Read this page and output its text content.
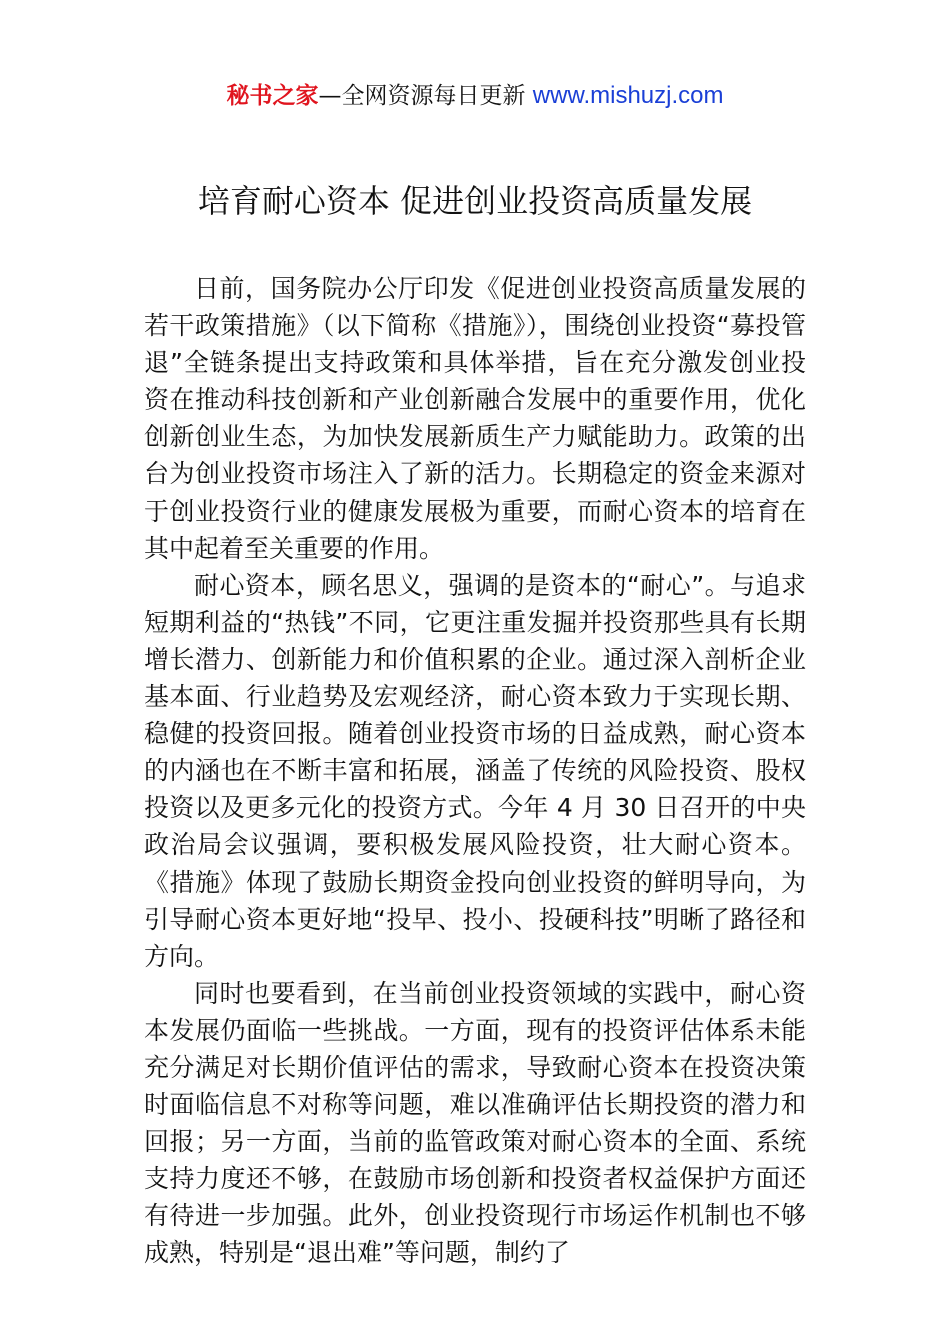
秘书之家—全网资源每日更新 www.mishuzj.com
培育耐心资本 促进创业投资高质量发展

日前，国务院办公厅印发《促进创业投资高质量发展的若干政策措施》（以下简称《措施》），围绕创业投资“募投管退”全链条提出支持政策和具体举措，旨在充分激发创业投资在推动科技创新和产业创新融合发展中的重要作用，优化创新创业生态，为加快发展新质生产力赋能助力。政策的出台为创业投资市场注入了新的活力。长期稳定的资金来源对于创业投资行业的健康发展极为重要，而耐心资本的培育在其中起着至关重要的作用。

耐心资本，顾名思义，强调的是资本的“耐心”。与追求短期利益的“热钱”不同，它更注重发掘并投资那些具有长期增长潜力、创新能力和价值积累的企业。通过深入剖析企业基本面、行业趋势及宏观经济，耐心资本致力于实现长期、稳健的投资回报。随着创业投资市场的日益成熟，耐心资本的内涵也在不断丰富和拓展，涵盖了传统的风险投资、股权投资以及更多元化的投资方式。今年 4 月 30 日召开的中央政治局会议强调，要积极发展风险投资，壮大耐心资本。《措施》体现了鼓励长期资金投向创业投资的鲜明导向，为引导耐心资本更好地“投早、投小、投硬科技”明晰了路径和方向。

同时也要看到，在当前创业投资领域的实践中，耐心资本发展仍面临一些挑战。一方面，现有的投资评估体系未能充分满足对长期价值评估的需求，导致耐心资本在投资决策时面临信息不对称等问题，难以准确评估长期投资的潜力和回报；另一方面，当前的监管政策对耐心资本的全面、系统支持力度还不够，在鼓励市场创新和投资者权益保护方面还有待进一步加强。此外，创业投资现行市场运作机制也不够成熟，特别是“退出难”等问题，制约了
